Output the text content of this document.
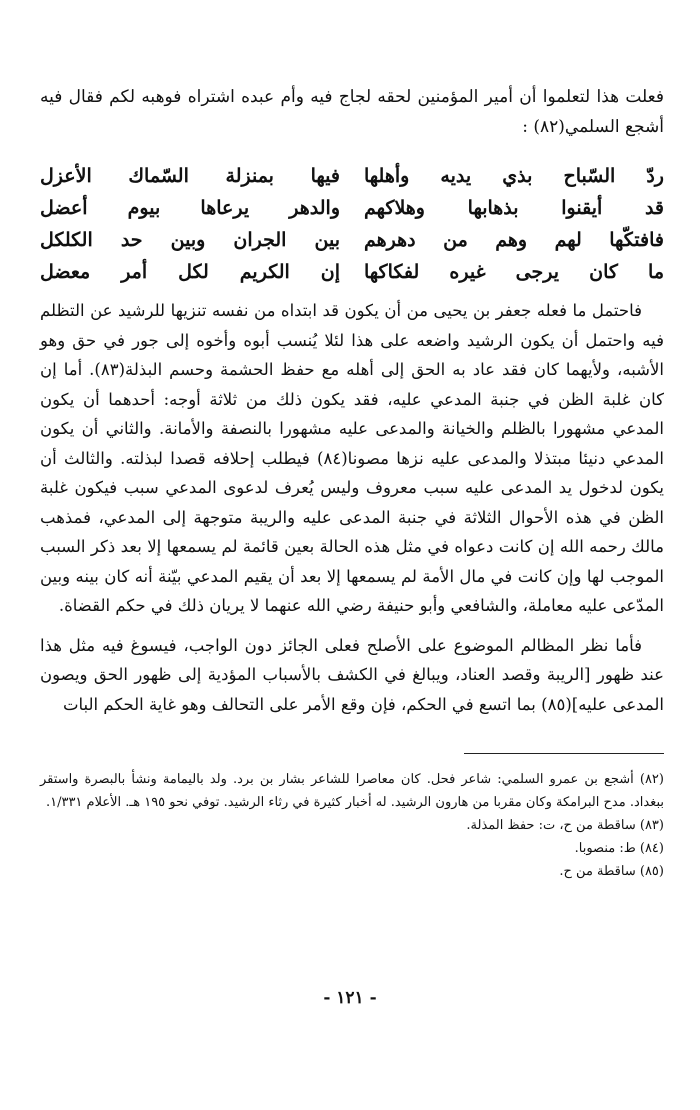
فعلت هذا لتعلموا أن أمير المؤمنين لحقه لجاج فيه وأم عبده اشتراه فوهبه لكم فقال فيه أشجع السلمي(٨٢) :

ردّ السّباح بذي يديه وأهلها
فيها بمنزلة السّماك الأعزل
قد أيقنوا بذهابها وهلاكهم
والدهر يرعاها بيوم أعضل
فافتكّها لهم وهم من دهرهم
بين الجران وبين حد الكلكل
ما كان يرجى غيره لفكاكها
إن الكريم لكل أمر معضل

فاحتمل ما فعله جعفر بن يحيى من أن يكون قد ابتداه من نفسه تنزيها للرشيد عن التظلم فيه واحتمل أن يكون الرشيد واضعه على هذا لئلا يُنسب أبوه وأخوه إلى جور في حق وهو الأشبه، ولأيهما كان فقد عاد به الحق إلى أهله مع حفظ الحشمة وحسم البذلة(٨٣). أما إن كان غلبة الظن في جنبة المدعي عليه، فقد يكون ذلك من ثلاثة أوجه: أحدهما أن يكون المدعي مشهورا بالظلم والخيانة والمدعى عليه مشهورا بالنصفة والأمانة. والثاني أن يكون المدعي دنيئا مبتذلا والمدعى عليه نزها مصونا(٨٤) فيطلب إحلافه قصدا لبذلته. والثالث أن يكون لدخول يد المدعى عليه سبب معروف وليس يُعرف لدعوى المدعي سبب فيكون غلبة الظن في هذه الأحوال الثلاثة في جنبة المدعى عليه والريبة متوجهة إلى المدعي، فمذهب مالك رحمه الله إن كانت دعواه في مثل هذه الحالة بعين قائمة لم يسمعها إلا بعد ذكر السبب الموجب لها وإن كانت في مال الأمة لم يسمعها إلا بعد أن يقيم المدعي بيّنة أنه كان بينه وبين المدّعى عليه معاملة، والشافعي وأبو حنيفة رضي الله عنهما لا يريان ذلك في حكم القضاة.

فأما نظر المظالم الموضوع على الأصلح فعلى الجائز دون الواجب، فيسوغ فيه مثل هذا عند ظهور [الريبة وقصد العناد، ويبالغ في الكشف بالأسباب المؤدية إلى ظهور الحق ويصون المدعى عليه](٨٥) بما اتسع في الحكم، فإن وقع الأمر على التحالف وهو غاية الحكم البات

(٨٢) أشجع بن عمرو السلمي: شاعر فحل. كان معاصرا للشاعر بشار بن برد. ولد باليمامة ونشأ بالبصرة واستقر ببغداد. مدح البرامكة وكان مقربا من هارون الرشيد. له أخبار كثيرة في رثاء الرشيد. توفي نحو ١٩٥ هـ. الأعلام ١/٣٣١.

(٨٣) ساقطة من ح، ت: حفظ المذلة.

(٨٤) ط: منصوبا.

(٨٥) ساقطة من ح.

- ١٢١ -
